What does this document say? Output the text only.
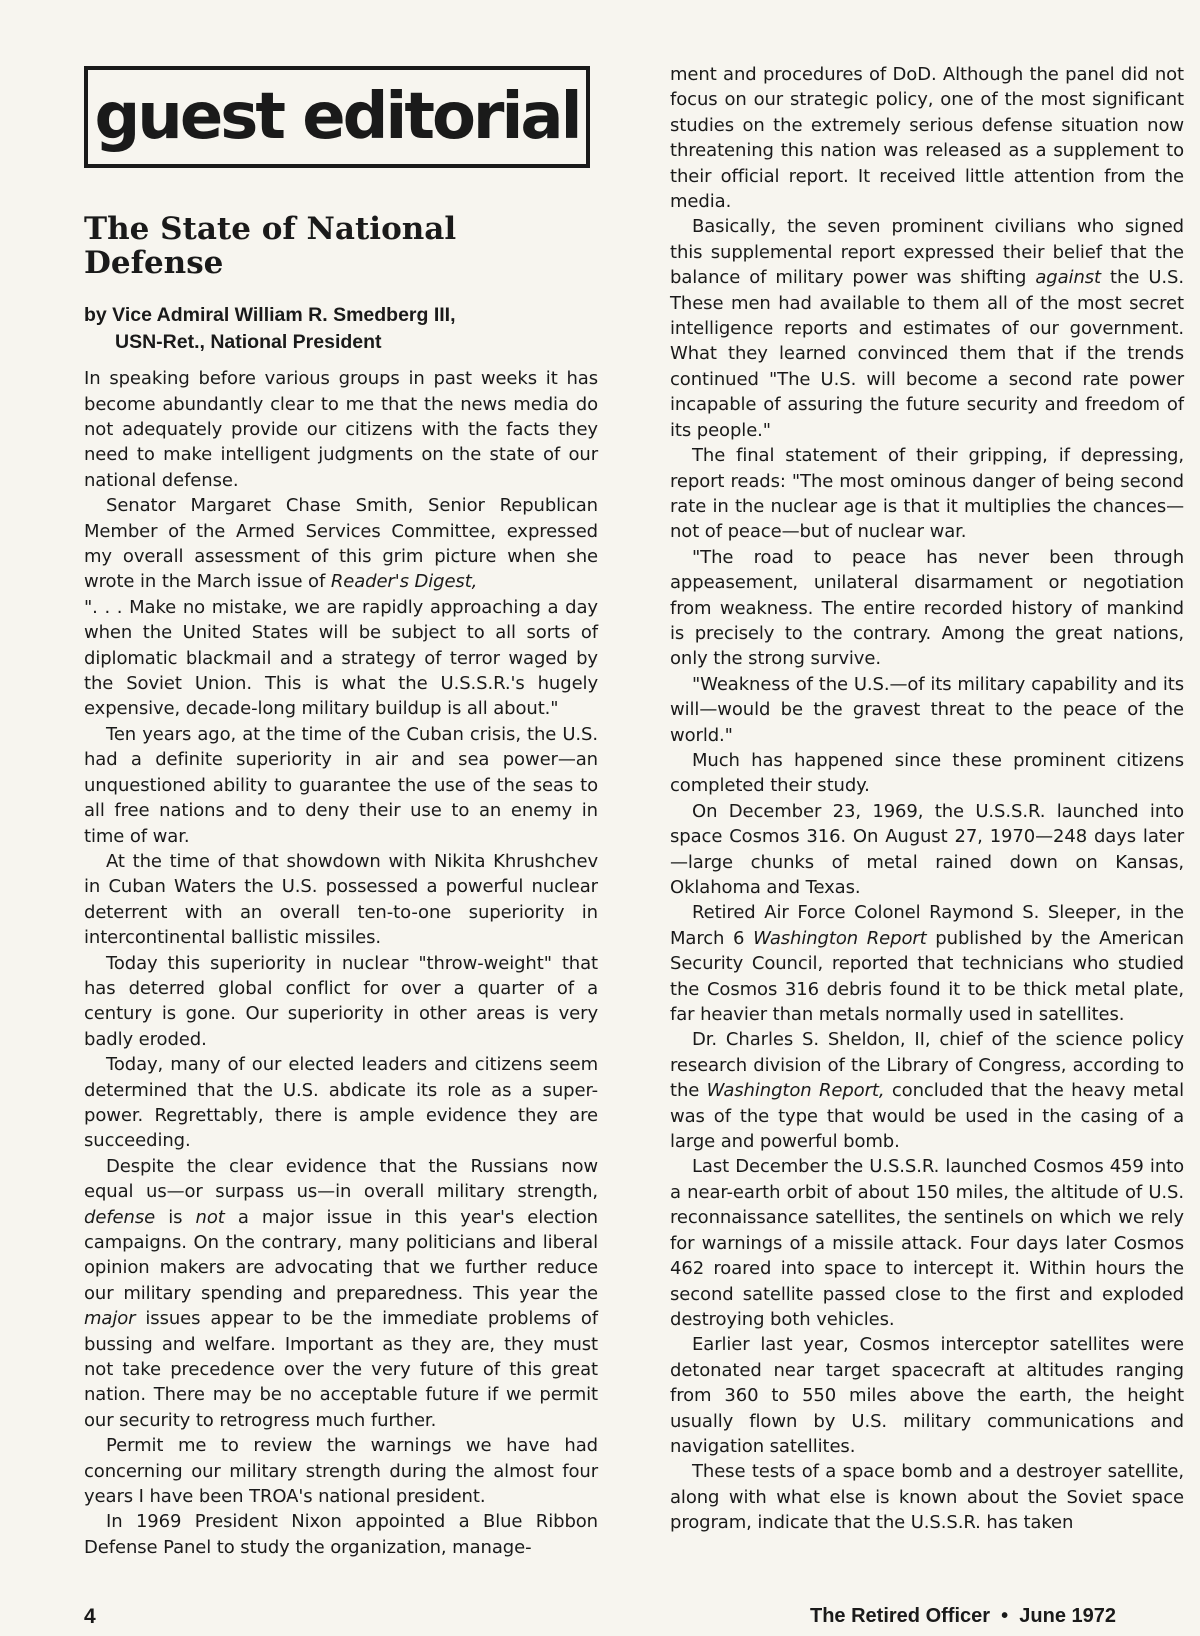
guest editorial
The State of National Defense
by Vice Admiral William R. Smedberg III,
USN-Ret., National President

In speaking before various groups in past weeks it has become abundantly clear to me that the news media do not adequately provide our citizens with the facts they need to make intelligent judgments on the state of our national defense.

Senator Margaret Chase Smith, Senior Republican Member of the Armed Services Committee, expressed my overall assessment of this grim picture when she wrote in the March issue of Reader's Digest,

". . . Make no mistake, we are rapidly approaching a day when the United States will be subject to all sorts of diplomatic blackmail and a strategy of terror waged by the Soviet Union. This is what the U.S.S.R.'s hugely expensive, decade-long military buildup is all about."

Ten years ago, at the time of the Cuban crisis, the U.S. had a definite superiority in air and sea power—an unquestioned ability to guarantee the use of the seas to all free nations and to deny their use to an enemy in time of war.

At the time of that showdown with Nikita Khrushchev in Cuban Waters the U.S. possessed a powerful nuclear deterrent with an overall ten-to-one superiority in intercontinental ballistic missiles.

Today this superiority in nuclear "throw-weight" that has deterred global conflict for over a quarter of a century is gone. Our superiority in other areas is very badly eroded.

Today, many of our elected leaders and citizens seem determined that the U.S. abdicate its role as a super-power. Regrettably, there is ample evidence they are succeeding.

Despite the clear evidence that the Russians now equal us—or surpass us—in overall military strength, defense is not a major issue in this year's election campaigns. On the contrary, many politicians and liberal opinion makers are advocating that we further reduce our military spending and preparedness. This year the major issues appear to be the immediate problems of bussing and welfare. Important as they are, they must not take precedence over the very future of this great nation. There may be no acceptable future if we permit our security to retrogress much further.

Permit me to review the warnings we have had concerning our military strength during the almost four years I have been TROA's national president.

In 1969 President Nixon appointed a Blue Ribbon Defense Panel to study the organization, manage-

ment and procedures of DoD. Although the panel did not focus on our strategic policy, one of the most significant studies on the extremely serious defense situation now threatening this nation was released as a supplement to their official report. It received little attention from the media.

Basically, the seven prominent civilians who signed this supplemental report expressed their belief that the balance of military power was shifting against the U.S. These men had available to them all of the most secret intelligence reports and estimates of our government. What they learned convinced them that if the trends continued "The U.S. will become a second rate power incapable of assuring the future security and freedom of its people."

The final statement of their gripping, if depressing, report reads: "The most ominous danger of being second rate in the nuclear age is that it multiplies the chances—not of peace—but of nuclear war.

"The road to peace has never been through appeasement, unilateral disarmament or negotiation from weakness. The entire recorded history of mankind is precisely to the contrary. Among the great nations, only the strong survive.

"Weakness of the U.S.—of its military capability and its will—would be the gravest threat to the peace of the world."

Much has happened since these prominent citizens completed their study.

On December 23, 1969, the U.S.S.R. launched into space Cosmos 316. On August 27, 1970—248 days later—large chunks of metal rained down on Kansas, Oklahoma and Texas.

Retired Air Force Colonel Raymond S. Sleeper, in the March 6 Washington Report published by the American Security Council, reported that technicians who studied the Cosmos 316 debris found it to be thick metal plate, far heavier than metals normally used in satellites.

Dr. Charles S. Sheldon, II, chief of the science policy research division of the Library of Congress, according to the Washington Report, concluded that the heavy metal was of the type that would be used in the casing of a large and powerful bomb.

Last December the U.S.S.R. launched Cosmos 459 into a near-earth orbit of about 150 miles, the altitude of U.S. reconnaissance satellites, the sentinels on which we rely for warnings of a missile attack. Four days later Cosmos 462 roared into space to intercept it. Within hours the second satellite passed close to the first and exploded destroying both vehicles.

Earlier last year, Cosmos interceptor satellites were detonated near target spacecraft at altitudes ranging from 360 to 550 miles above the earth, the height usually flown by U.S. military communications and navigation satellites.

These tests of a space bomb and a destroyer satellite, along with what else is known about the Soviet space program, indicate that the U.S.S.R. has taken

4	The Retired Officer  •  June 1972
